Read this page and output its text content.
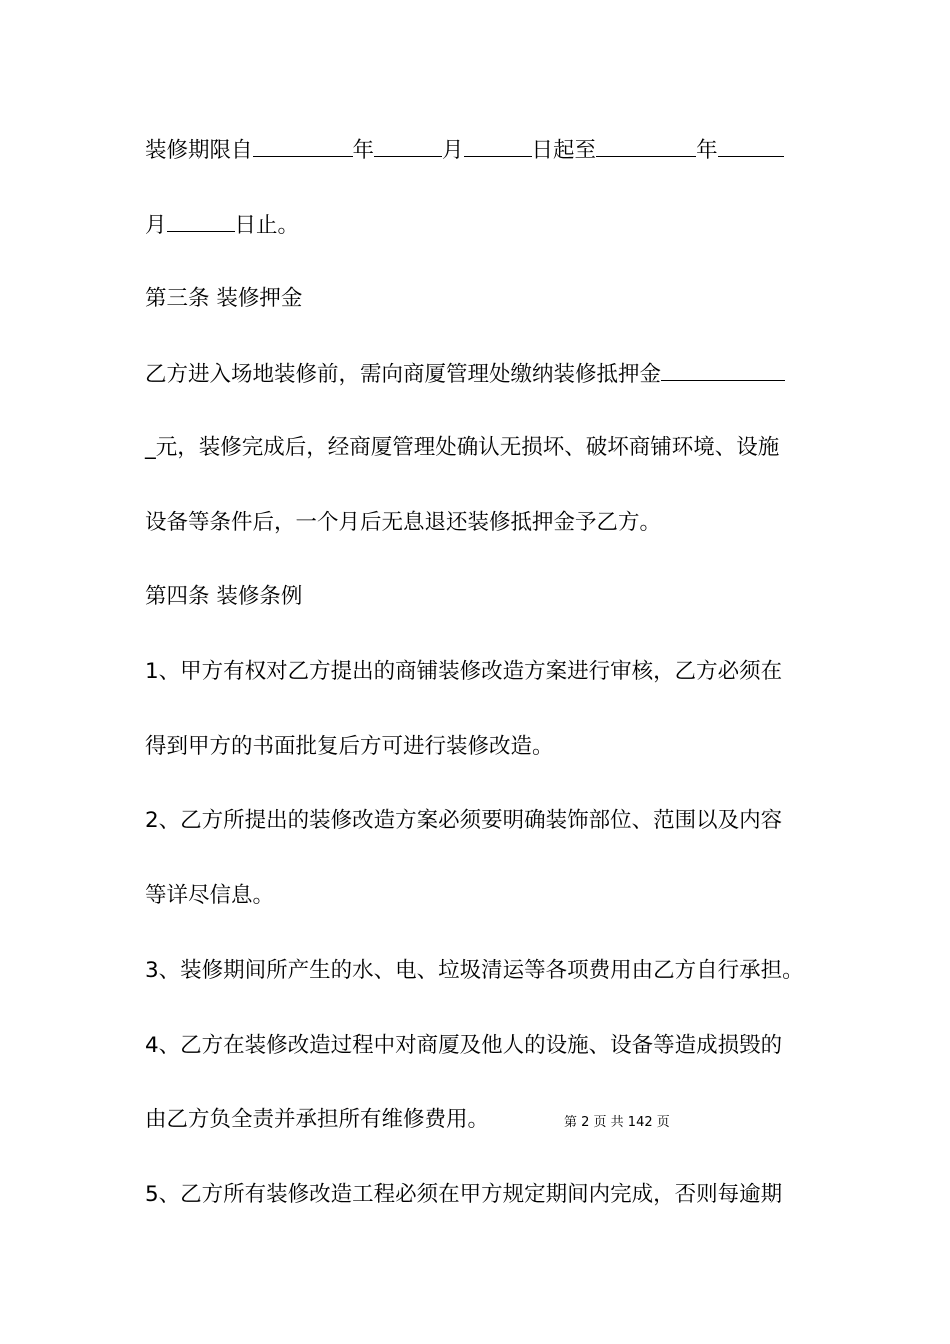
装修期限自	年	月	日起至	年
月	日止。
第三条 装修押金
乙方进入场地装修前，需向商厦管理处缴纳装修抵押金
_元，装修完成后，经商厦管理处确认无损坏、破坏商铺环境、设施
设备等条件后，一个月后无息退还装修抵押金予乙方。
第四条 装修条例
1、甲方有权对乙方提出的商铺装修改造方案进行审核，乙方必须在
得到甲方的书面批复后方可进行装修改造。
2、乙方所提出的装修改造方案必须要明确装饰部位、范围以及内容
等详尽信息。
3、装修期间所产生的水、电、垃圾清运等各项费用由乙方自行承担。
4、乙方在装修改造过程中对商厦及他人的设施、设备等造成损毁的
由乙方负全责并承担所有维修费用。	第 2 页 共 142 页
5、乙方所有装修改造工程必须在甲方规定期间内完成，否则每逾期
